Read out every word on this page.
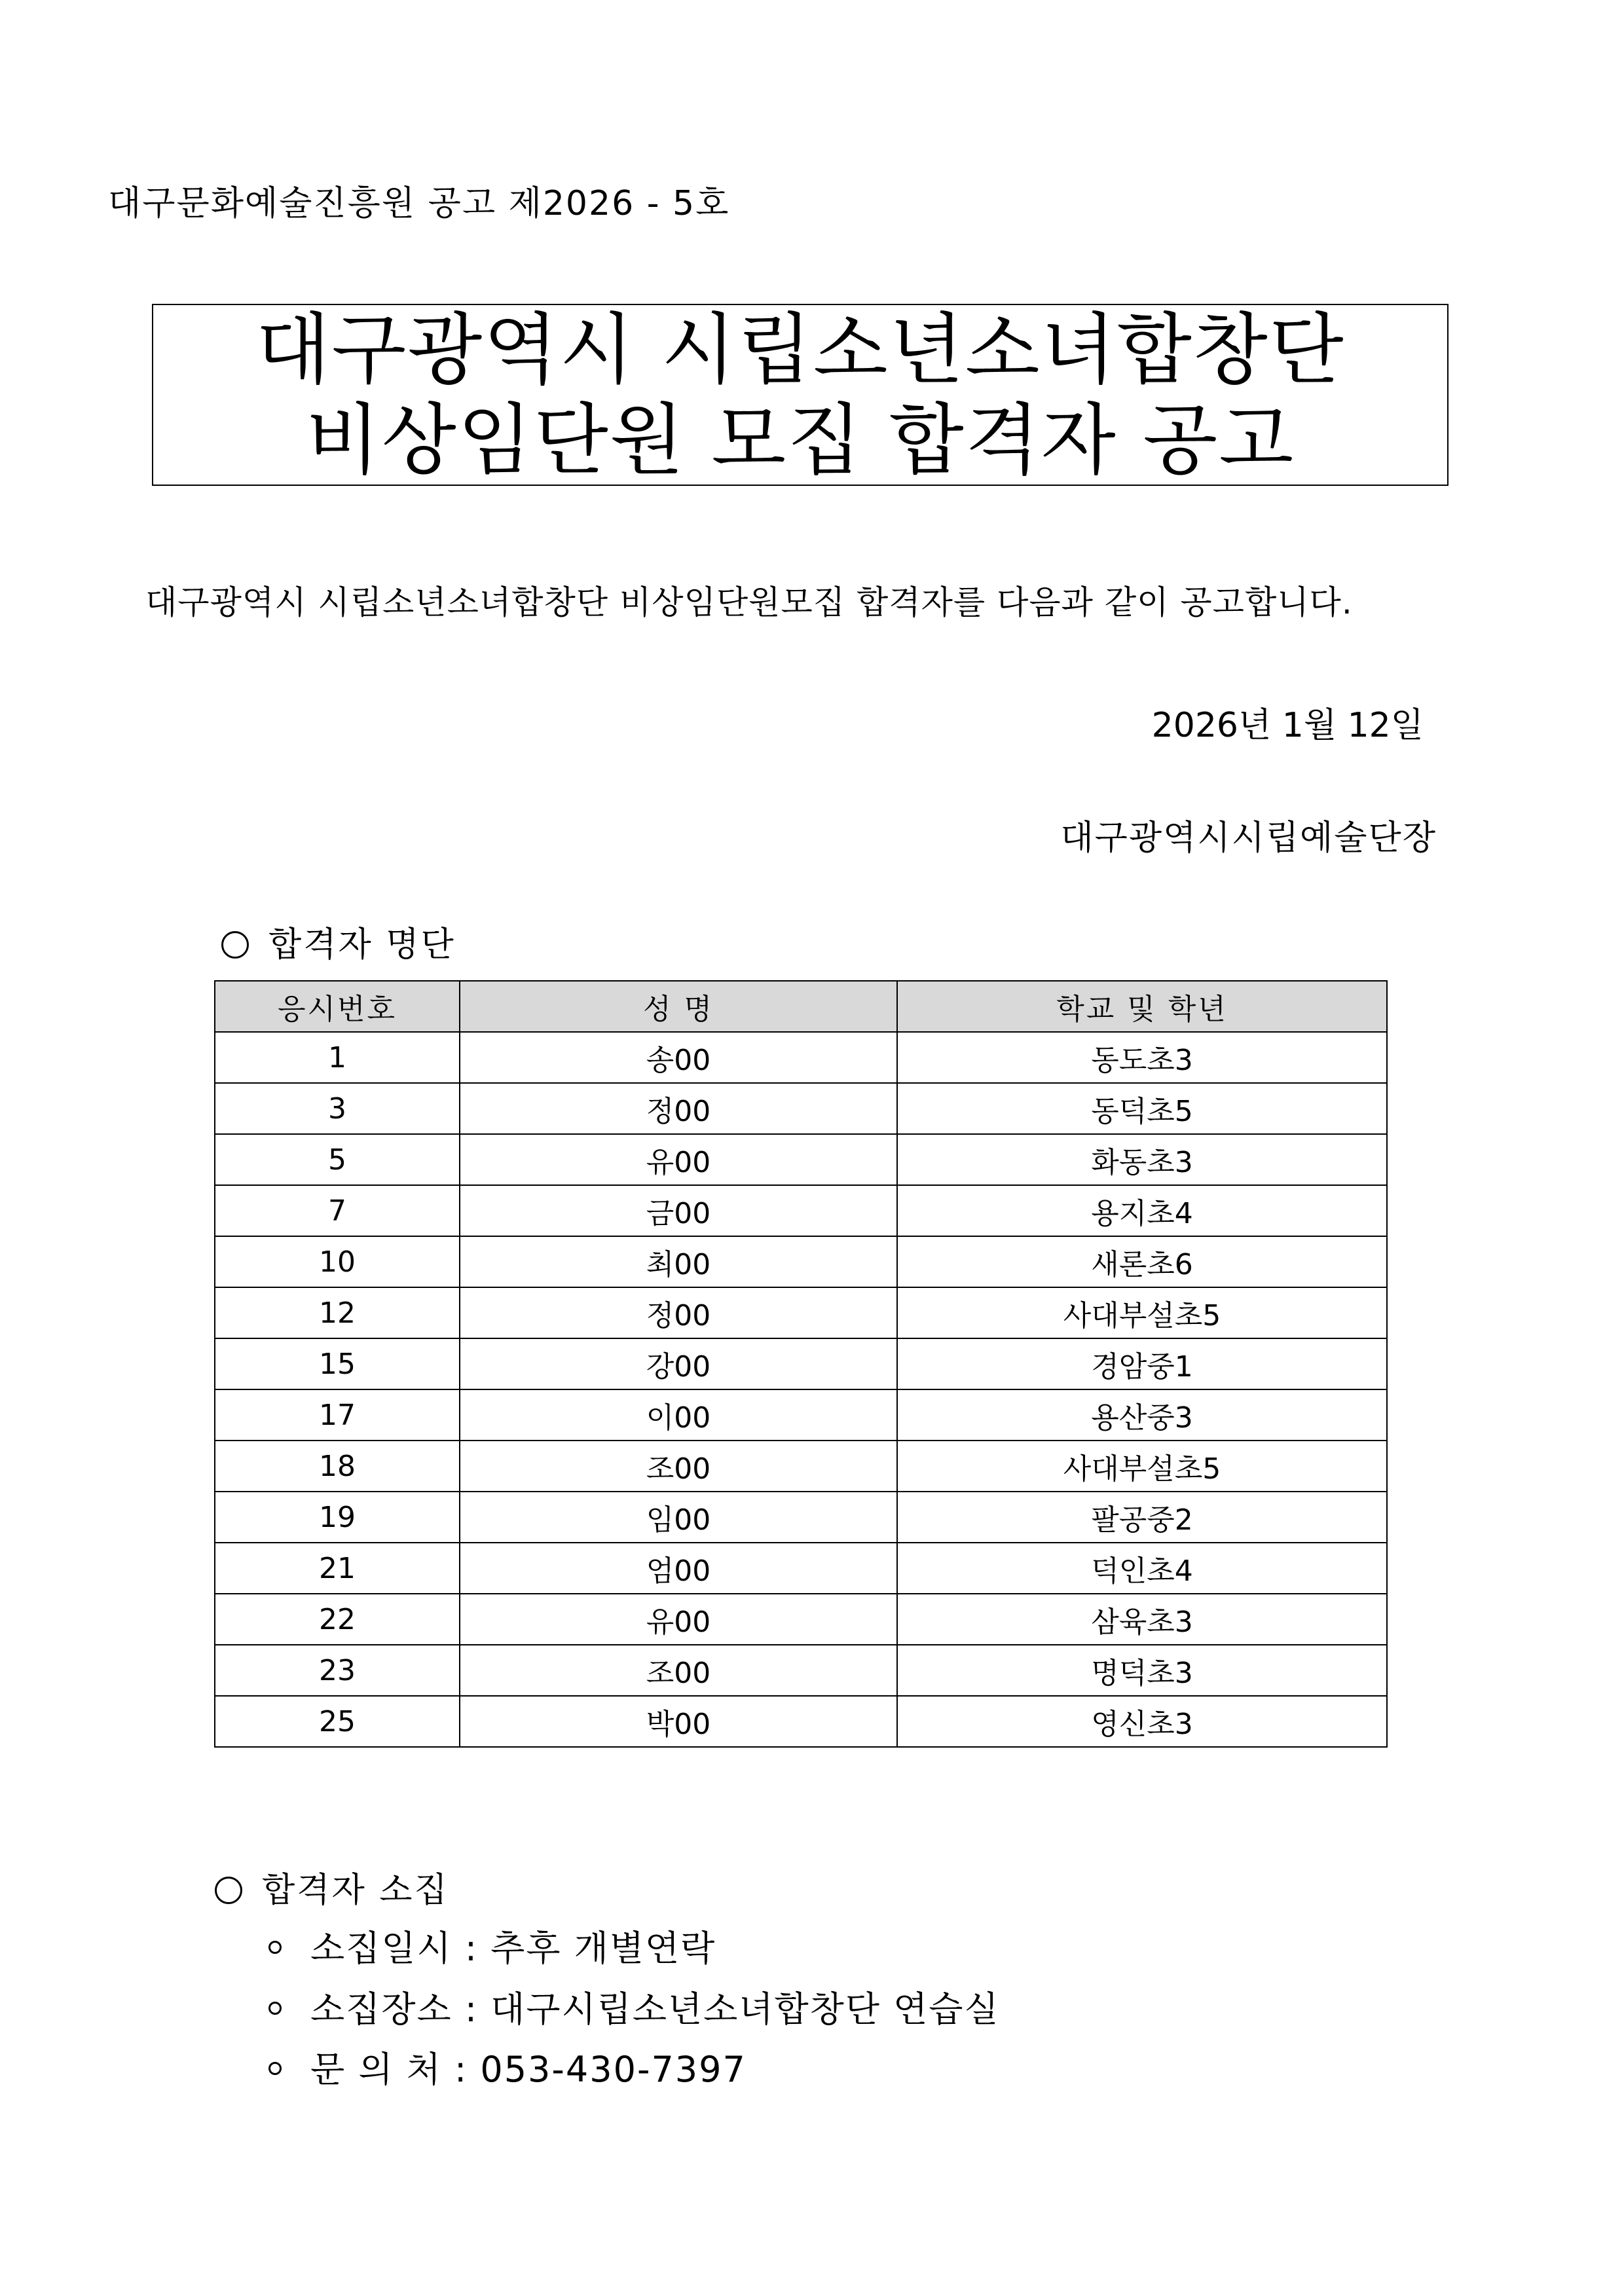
대구문화예술진흥원 공고 제2026 - 5호
대구광역시 시립소년소녀합창단
비상임단원 모집 합격자 공고
대구광역시 시립소년소녀합창단 비상임단원모집 합격자를 다음과 같이 공고합니다.
2026년 1월 12일
대구광역시시립예술단장
합격자 명단
응시번호	성 명	학교 및 학년
1	송00	동도초3
3	정00	동덕초5
5	유00	화동초3
7	금00	용지초4
10	최00	새론초6
12	정00	사대부설초5
15	강00	경암중1
17	이00	용산중3
18	조00	사대부설초5
19	임00	팔공중2
21	엄00	덕인초4
22	유00	삼육초3
23	조00	명덕초3
25	박00	영신초3
합격자 소집
소집일시 : 추후 개별연락
소집장소 : 대구시립소년소녀합창단 연습실
문 의 처 : 053-430-7397
